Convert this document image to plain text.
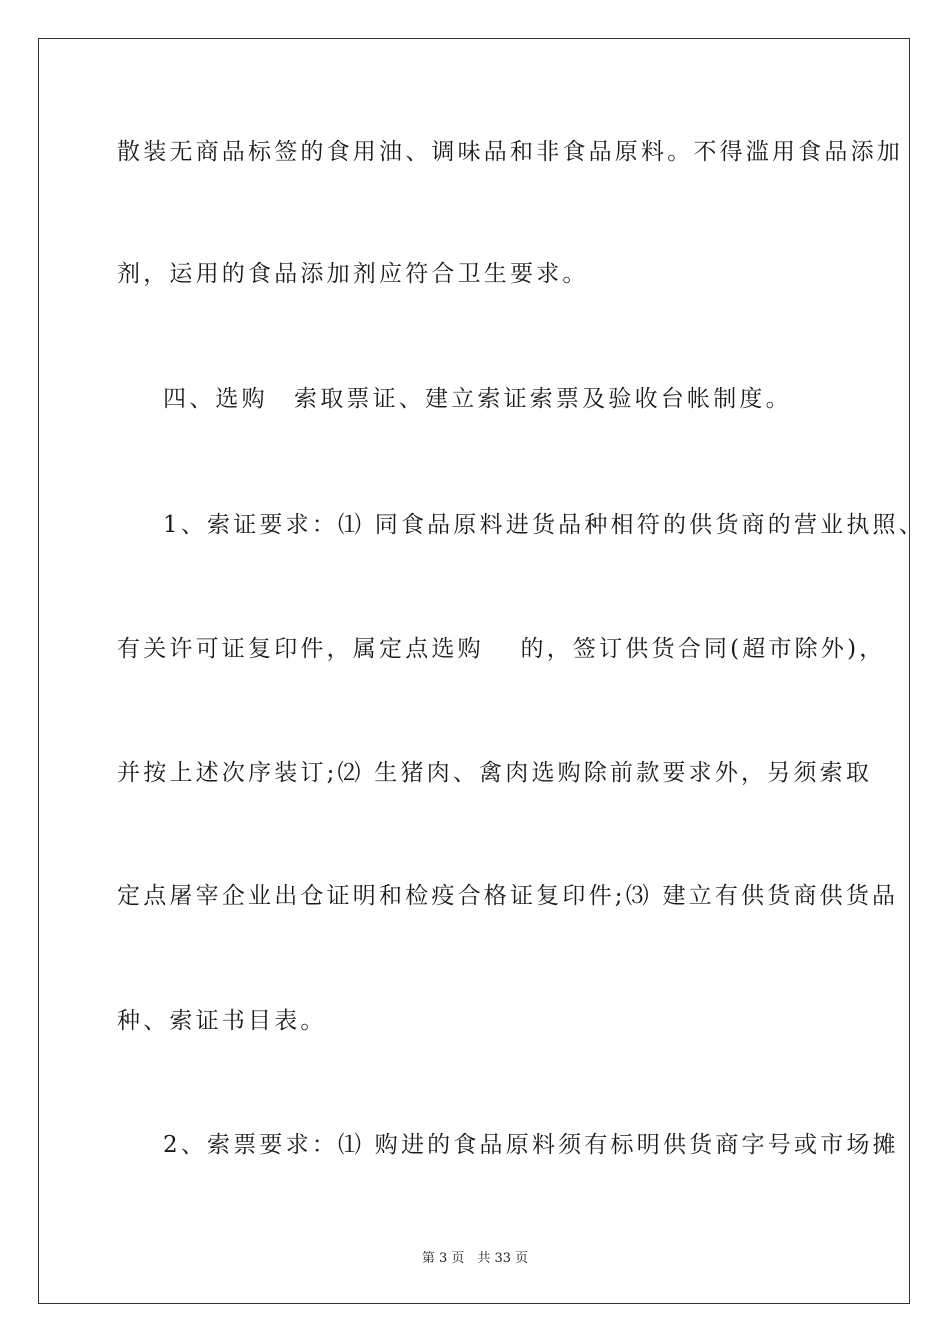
散装无商品标签的食用油、调味品和非食品原料。不得滥用食品添加
剂，运用的食品添加剂应符合卫生要求。
四、选购　索取票证、建立索证索票及验收台帐制度。
1、索证要求：⑴ 同食品原料进货品种相符的供货商的营业执照、
有关许可证复印件，属定点选购　 的，签订供货合同(超市除外)，
并按上述次序装订;⑵ 生猪肉、禽肉选购除前款要求外，另须索取
定点屠宰企业出仓证明和检疫合格证复印件;⑶ 建立有供货商供货品
种、索证书目表。
2、索票要求：⑴ 购进的食品原料须有标明供货商字号或市场摊
第 3 页　共 33 页
